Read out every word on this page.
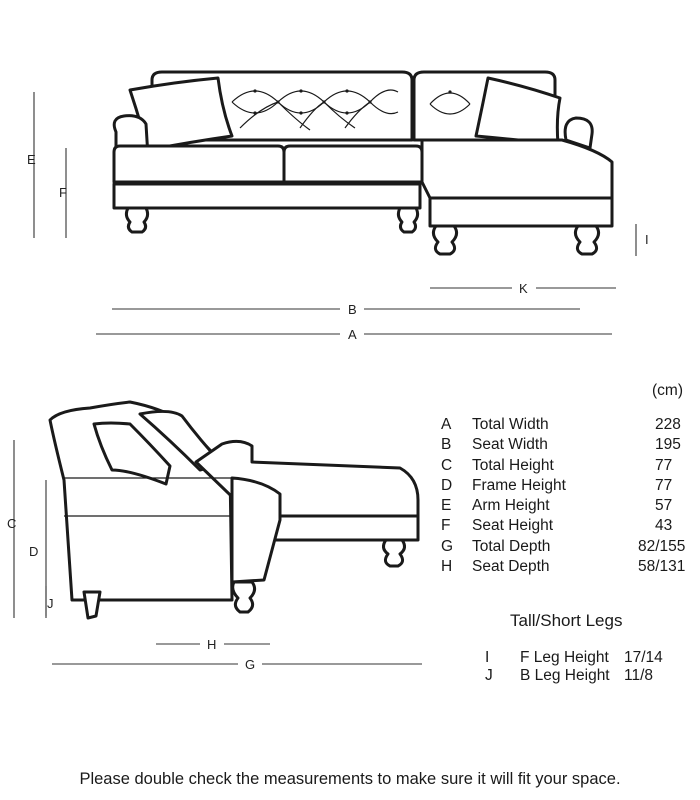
E
F
I
K
B
A
C
D
J
H
G
(cm)
A Total Width	228
B Seat Width	195
C Total Height	77
D Frame Height	77
E Arm Height	57
F Seat Height	43
G Total Depth	82/155
H Seat Depth	58/131
Tall/Short Legs
I F Leg Height 17/14
J B Leg Height 11/8
Please double check the measurements to make sure it will fit your space.
